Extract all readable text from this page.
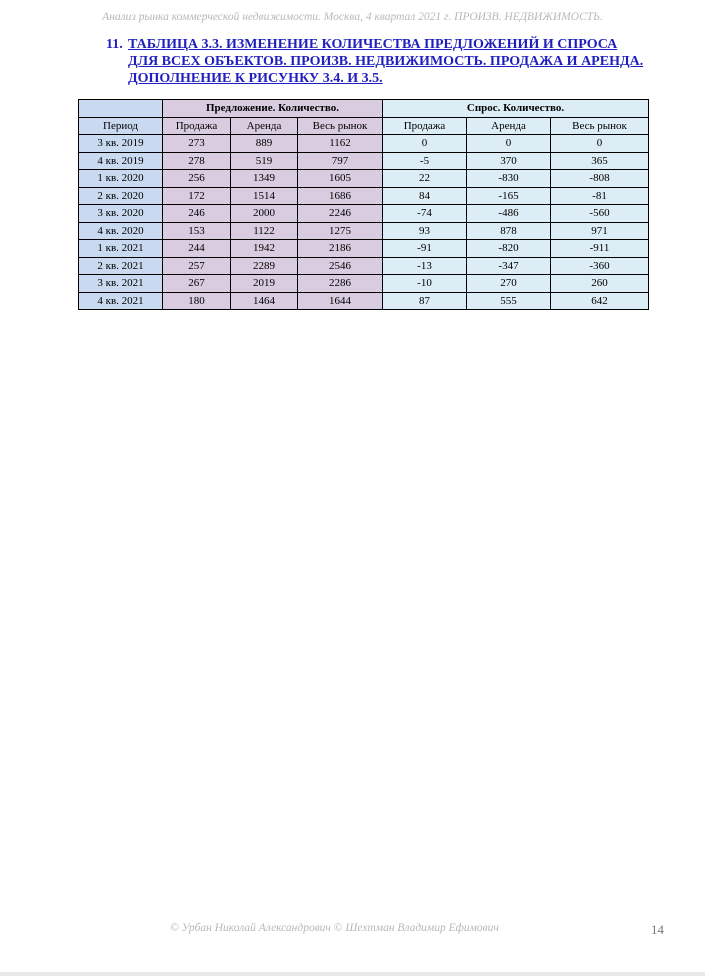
Анализ рынка коммерческой недвижимости. Москва, 4 квартал 2021 г. ПРОИЗВ. НЕДВИЖИМОСТЬ.
11. ТАБЛИЦА 3.3. ИЗМЕНЕНИЕ КОЛИЧЕСТВА ПРЕДЛОЖЕНИЙ И СПРОСА
ДЛЯ ВСЕХ ОБЪЕКТОВ. ПРОИЗВ. НЕДВИЖИМОСТЬ. ПРОДАЖА И АРЕНДА.
ДОПОЛНЕНИЕ К РИСУНКУ 3.4. И 3.5.
	Предложение. Количество.			Спрос. Количество.		
Период	Продажа	Аренда	Весь рынок	Продажа	Аренда	Весь рынок
3 кв. 2019	273	889	1162	0	0	0
4 кв. 2019	278	519	797	-5	370	365
1 кв. 2020	256	1349	1605	22	-830	-808
2 кв. 2020	172	1514	1686	84	-165	-81
3 кв. 2020	246	2000	2246	-74	-486	-560
4 кв. 2020	153	1122	1275	93	878	971
1 кв. 2021	244	1942	2186	-91	-820	-911
2 кв. 2021	257	2289	2546	-13	-347	-360
3 кв. 2021	267	2019	2286	-10	270	260
4 кв. 2021	180	1464	1644	87	555	642
© Урбан Николай Александрович © Шехтман Владимир Ефимович	14
